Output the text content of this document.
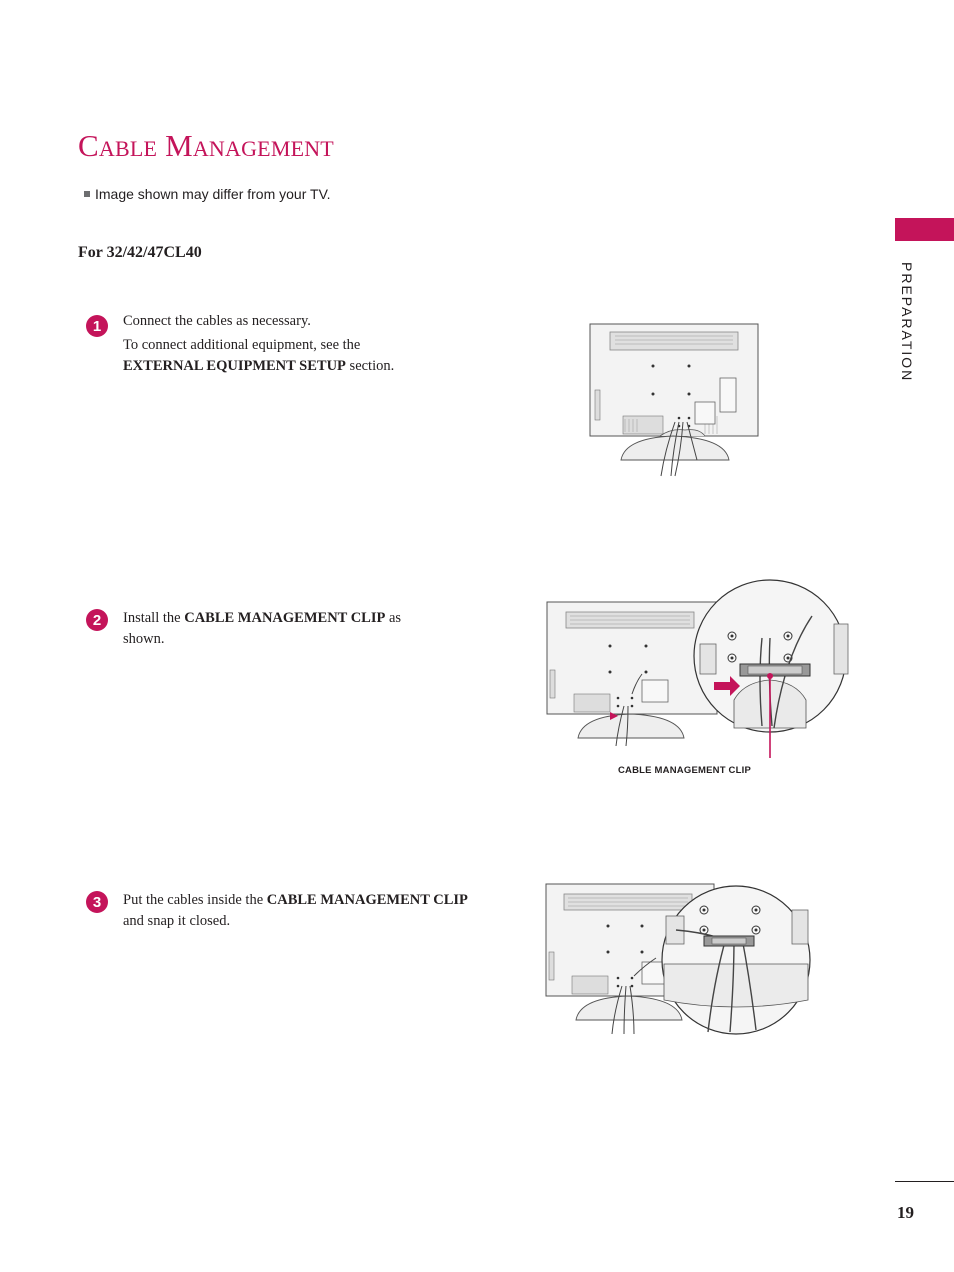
Cable Management
Image shown may differ from your TV.
For 32/42/47CL40
PREPARATION
1	Connect the cables as necessary.

To connect additional equipment, see the
EXTERNAL EQUIPMENT SETUP section.

2	Install the CABLE MANAGEMENT CLIP as shown.

3	Put the cables inside the CABLE MANAGEMENT CLIP and snap it closed.

CABLE MANAGEMENT CLIP
19
